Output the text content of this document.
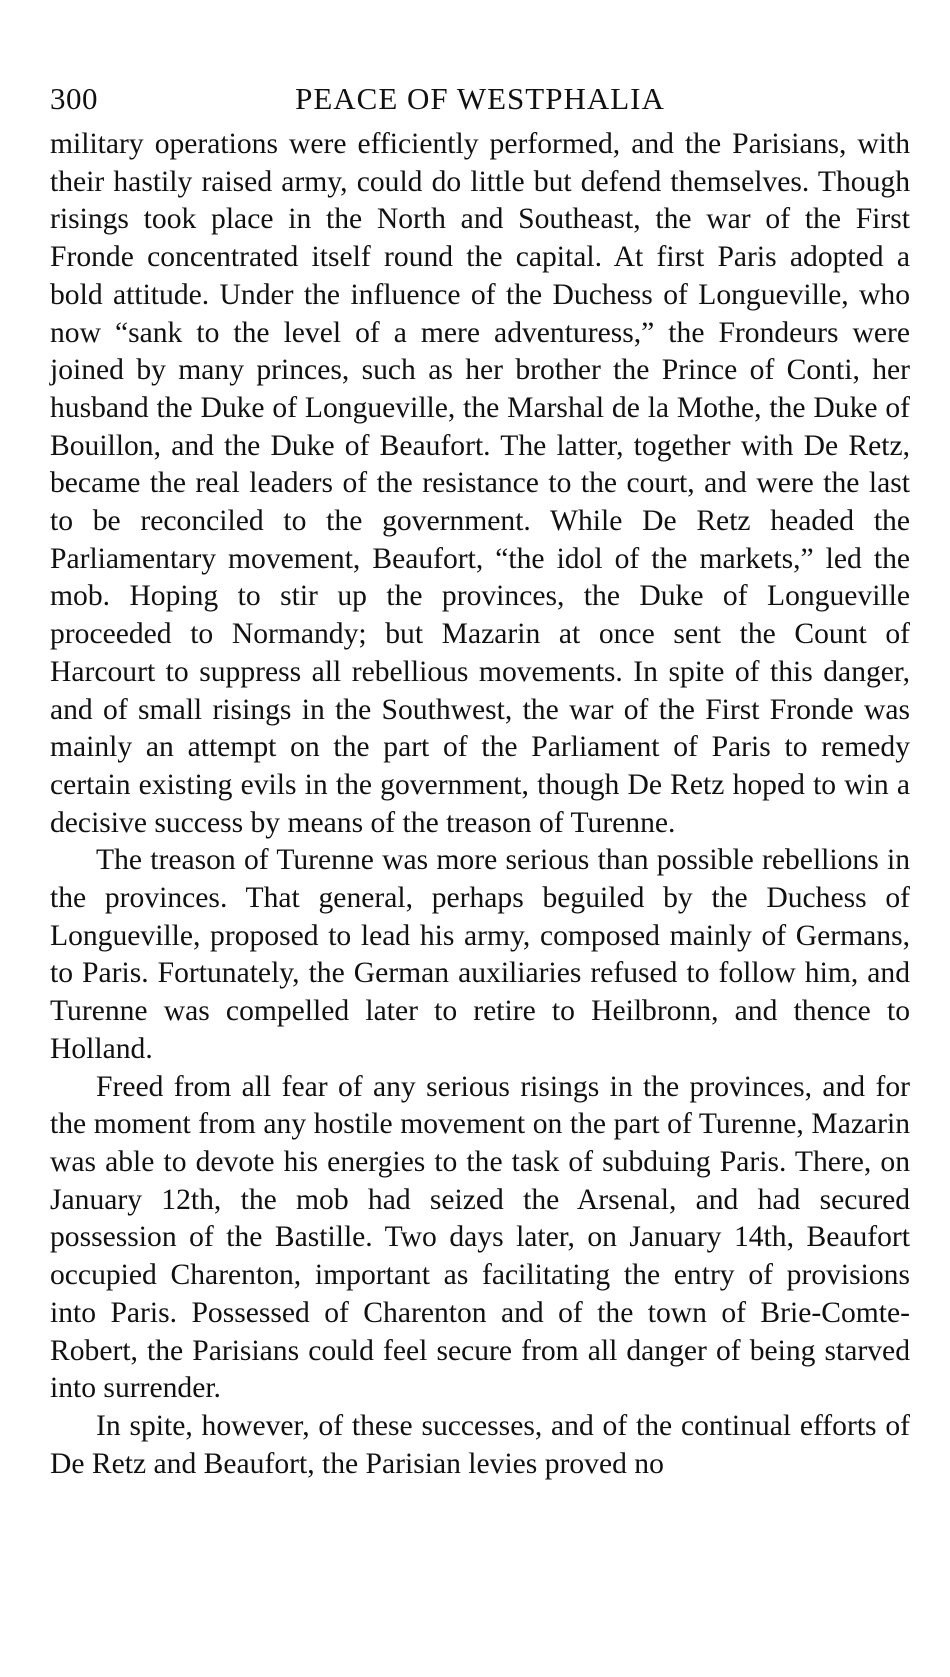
300	PEACE OF WESTPHALIA

military operations were efficiently performed, and the Parisians, with their hastily raised army, could do little but defend themselves. Though risings took place in the North and Southeast, the war of the First Fronde concentrated itself round the capital. At first Paris adopted a bold attitude. Under the influence of the Duchess of Longueville, who now “sank to the level of a mere adventuress,” the Frondeurs were joined by many princes, such as her brother the Prince of Conti, her husband the Duke of Longueville, the Marshal de la Mothe, the Duke of Bouillon, and the Duke of Beaufort. The latter, together with De Retz, became the real leaders of the resistance to the court, and were the last to be reconciled to the government. While De Retz headed the Parliamentary movement, Beaufort, “the idol of the markets,” led the mob. Hoping to stir up the provinces, the Duke of Longueville proceeded to Normandy; but Mazarin at once sent the Count of Harcourt to suppress all rebellious movements. In spite of this danger, and of small risings in the Southwest, the war of the First Fronde was mainly an attempt on the part of the Parliament of Paris to remedy certain existing evils in the government, though De Retz hoped to win a decisive success by means of the treason of Turenne.

The treason of Turenne was more serious than possible rebellions in the provinces. That general, perhaps beguiled by the Duchess of Longueville, proposed to lead his army, composed mainly of Germans, to Paris. Fortunately, the German auxiliaries refused to follow him, and Turenne was compelled later to retire to Heilbronn, and thence to Holland.

Freed from all fear of any serious risings in the provinces, and for the moment from any hostile movement on the part of Turenne, Mazarin was able to devote his energies to the task of subduing Paris. There, on January 12th, the mob had seized the Arsenal, and had secured possession of the Bastille. Two days later, on January 14th, Beaufort occupied Charenton, important as facilitating the entry of provisions into Paris. Possessed of Charenton and of the town of Brie-Comte-Robert, the Parisians could feel secure from all danger of being starved into surrender.

In spite, however, of these successes, and of the continual efforts of De Retz and Beaufort, the Parisian levies proved no
